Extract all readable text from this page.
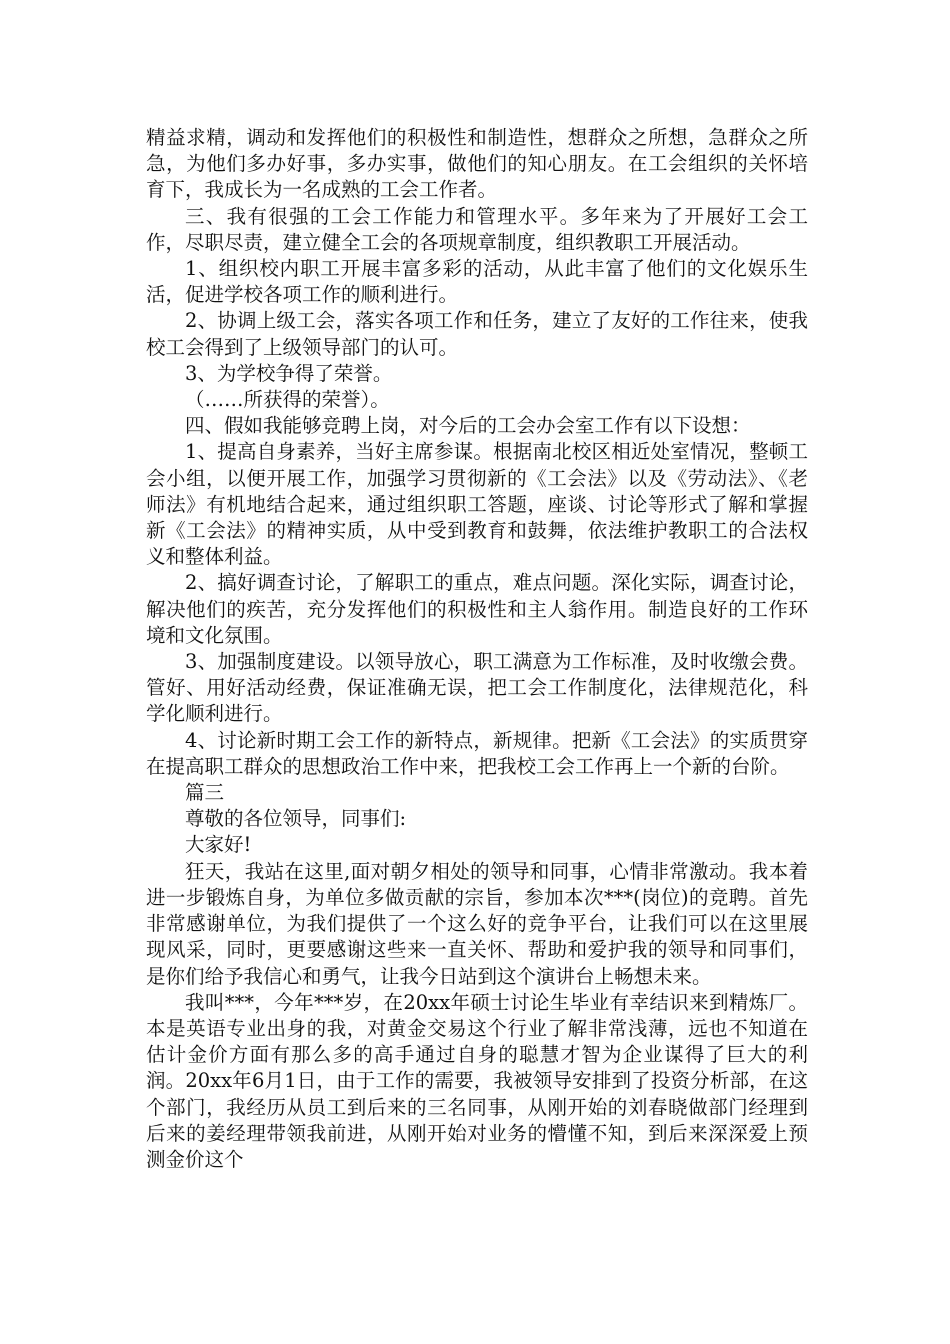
精益求精，调动和发挥他们的积极性和制造性，想群众之所想，急群众之所急，为他们多办好事，多办实事，做他们的知心朋友。在工会组织的关怀培育下，我成长为一名成熟的工会工作者。

三、我有很强的工会工作能力和管理水平。多年来为了开展好工会工作，尽职尽责，建立健全工会的各项规章制度，组织教职工开展活动。

1、组织校内职工开展丰富多彩的活动，从此丰富了他们的文化娱乐生活，促进学校各项工作的顺利进行。

2、协调上级工会，落实各项工作和任务，建立了友好的工作往来，使我校工会得到了上级领导部门的认可。

3、为学校争得了荣誉。

（……所获得的荣誉）。

四、假如我能够竞聘上岗，对今后的工会办会室工作有以下设想：

1、提高自身素养，当好主席参谋。根据南北校区相近处室情况，整顿工会小组，以便开展工作，加强学习贯彻新的《工会法》以及《劳动法》、《老师法》有机地结合起来，通过组织职工答题，座谈、讨论等形式了解和掌握新《工会法》的精神实质，从中受到教育和鼓舞，依法维护教职工的合法权义和整体利益。

2、搞好调查讨论，了解职工的重点，难点问题。深化实际，调查讨论，解决他们的疾苦，充分发挥他们的积极性和主人翁作用。制造良好的工作环境和文化氛围。

3、加强制度建设。以领导放心，职工满意为工作标准，及时收缴会费。管好、用好活动经费，保证准确无误，把工会工作制度化，法律规范化，科学化顺利进行。

4、讨论新时期工会工作的新特点，新规律。把新《工会法》的实质贯穿在提高职工群众的思想政治工作中来，把我校工会工作再上一个新的台阶。

篇三

尊敬的各位领导，同事们:

大家好!

狂天，我站在这里,面对朝夕相处的领导和同事，心情非常激动。我本着进一步锻炼自身，为单位多做贡献的宗旨，参加本次***(岗位)的竞聘。首先非常感谢单位，为我们提供了一个这么好的竞争平台，让我们可以在这里展现风采，同时，更要感谢这些来一直关怀、帮助和爱护我的领导和同事们，是你们给予我信心和勇气，让我今日站到这个演讲台上畅想未来。

我叫***，今年***岁，在20xx年硕士讨论生毕业有幸结识来到精炼厂。本是英语专业出身的我，对黄金交易这个行业了解非常浅薄，远也不知道在估计金价方面有那么多的高手通过自身的聪慧才智为企业谋得了巨大的利润。20xx年6月1日，由于工作的需要，我被领导安排到了投资分析部，在这个部门，我经历从员工到后来的三名同事，从刚开始的刘春晓做部门经理到后来的姜经理带领我前进，从刚开始对业务的懵懂不知，到后来深深爱上预测金价这个
